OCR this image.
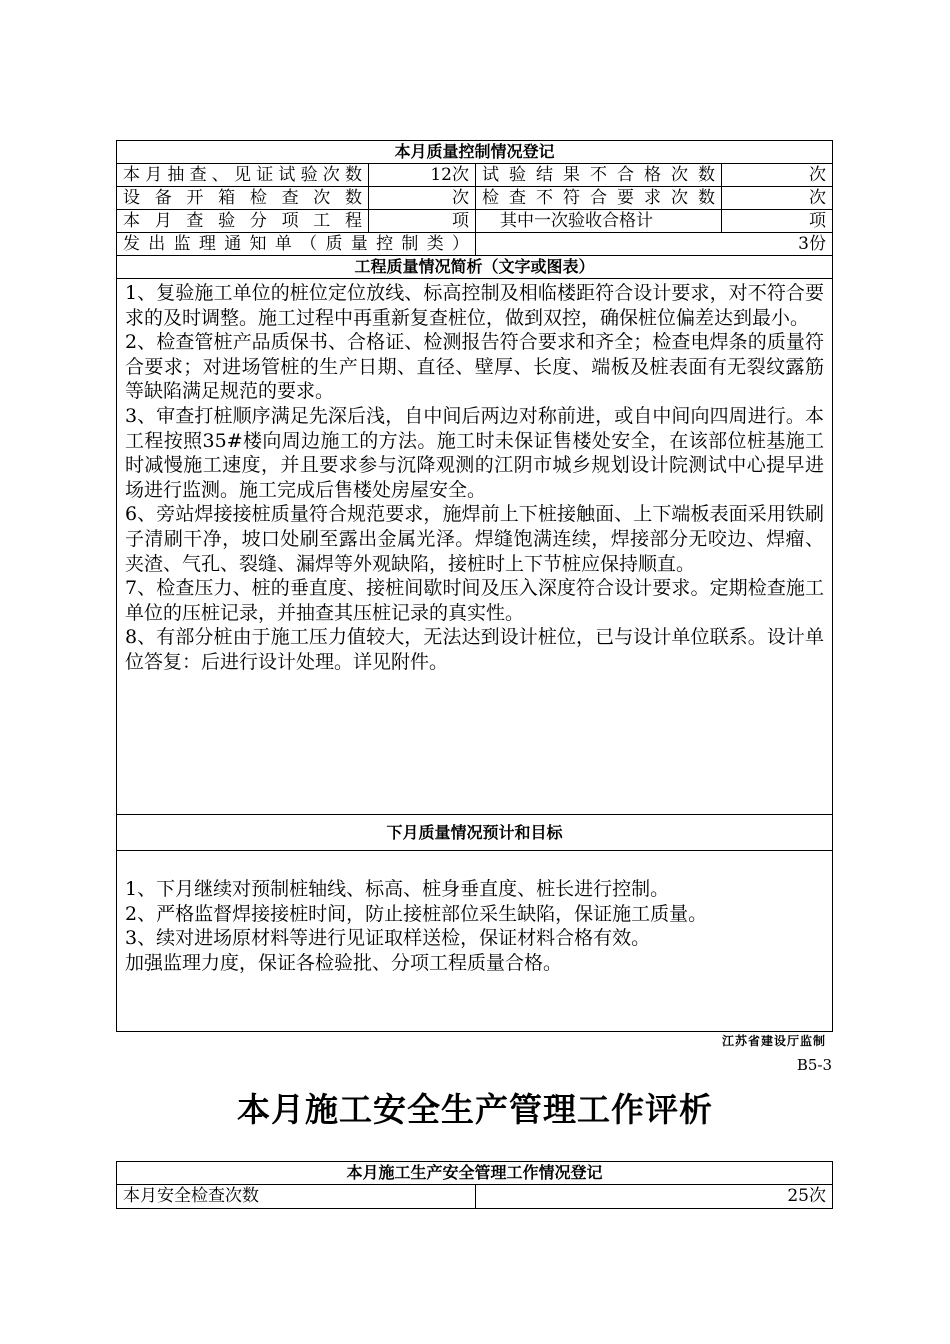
本月质量控制情况登记
本月抽查、见证试验次数	12次 试验结果不合格次数	次
设备开箱检查次数	次 检查不符合要求次数	次
本月查验分项工程	项	其中一次验收合格计	项
发出监理通知单（质量控制类）	3份
工程质量情况简析（文字或图表）

1、复验施工单位的桩位定位放线、标高控制及相临楼距符合设计要求，对不符合要求的及时调整。施工过程中再重新复查桩位，做到双控，确保桩位偏差达到最小。

2、检查管桩产品质保书、合格证、检测报告符合要求和齐全；检查电焊条的质量符合要求；对进场管桩的生产日期、直径、壁厚、长度、端板及桩表面有无裂纹露筋等缺陷满足规范的要求。

3、审查打桩顺序满足先深后浅，自中间后两边对称前进，或自中间向四周进行。本工程按照35#楼向周边施工的方法。施工时未保证售楼处安全，在该部位桩基施工时减慢施工速度，并且要求参与沉降观测的江阴市城乡规划设计院测试中心提早进场进行监测。施工完成后售楼处房屋安全。

6、旁站焊接接桩质量符合规范要求，施焊前上下桩接触面、上下端板表面采用铁刷子清刷干净，坡口处刷至露出金属光泽。焊缝饱满连续，焊接部分无咬边、焊瘤、夹渣、气孔、裂缝、漏焊等外观缺陷，接桩时上下节桩应保持顺直。

7、检查压力、桩的垂直度、接桩间歇时间及压入深度符合设计要求。定期检查施工单位的压桩记录，并抽查其压桩记录的真实性。

8、有部分桩由于施工压力值较大，无法达到设计桩位，已与设计单位联系。设计单位答复：后进行设计处理。详见附件。

下月质量情况预计和目标

1、下月继续对预制桩轴线、标高、桩身垂直度、桩长进行控制。

2、严格监督焊接接桩时间，防止接桩部位采生缺陷，保证施工质量。

3、续对进场原材料等进行见证取样送检，保证材料合格有效。

加强监理力度，保证各检验批、分项工程质量合格。

江苏省建设厅监制
B5-3
本月施工安全生产管理工作评析
本月施工生产安全管理工作情况登记
本月安全检查次数	25次
